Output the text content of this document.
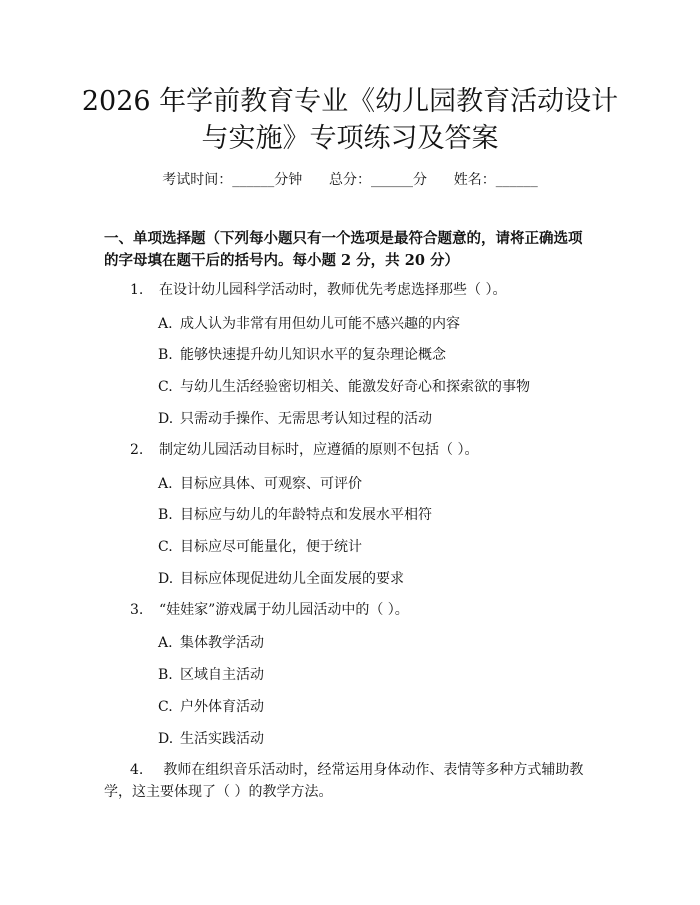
2026 年学前教育专业《幼儿园教育活动设计
与实施》专项练习及答案
考试时间：______分钟      总分：______分      姓名：______
一、单项选择题（下列每小题只有一个选项是最符合题意的，请将正确选项的字母填在题干后的括号内。每小题 2 分，共 20 分）
1. 在设计幼儿园科学活动时，教师优先考虑选择那些（ ）。
A. 成人认为非常有用但幼儿可能不感兴趣的内容
B. 能够快速提升幼儿知识水平的复杂理论概念
C. 与幼儿生活经验密切相关、能激发好奇心和探索欲的事物
D. 只需动手操作、无需思考认知过程的活动
2. 制定幼儿园活动目标时，应遵循的原则不包括（ ）。
A. 目标应具体、可观察、可评价
B. 目标应与幼儿的年龄特点和发展水平相符
C. 目标应尽可能量化，便于统计
D. 目标应体现促进幼儿全面发展的要求
3. “娃娃家”游戏属于幼儿园活动中的（ ）。
A. 集体教学活动
B. 区域自主活动
C. 户外体育活动
D. 生活实践活动
4. 教师在组织音乐活动时，经常运用身体动作、表情等多种方式辅助教学，这主要体现了（ ）的教学方法。
